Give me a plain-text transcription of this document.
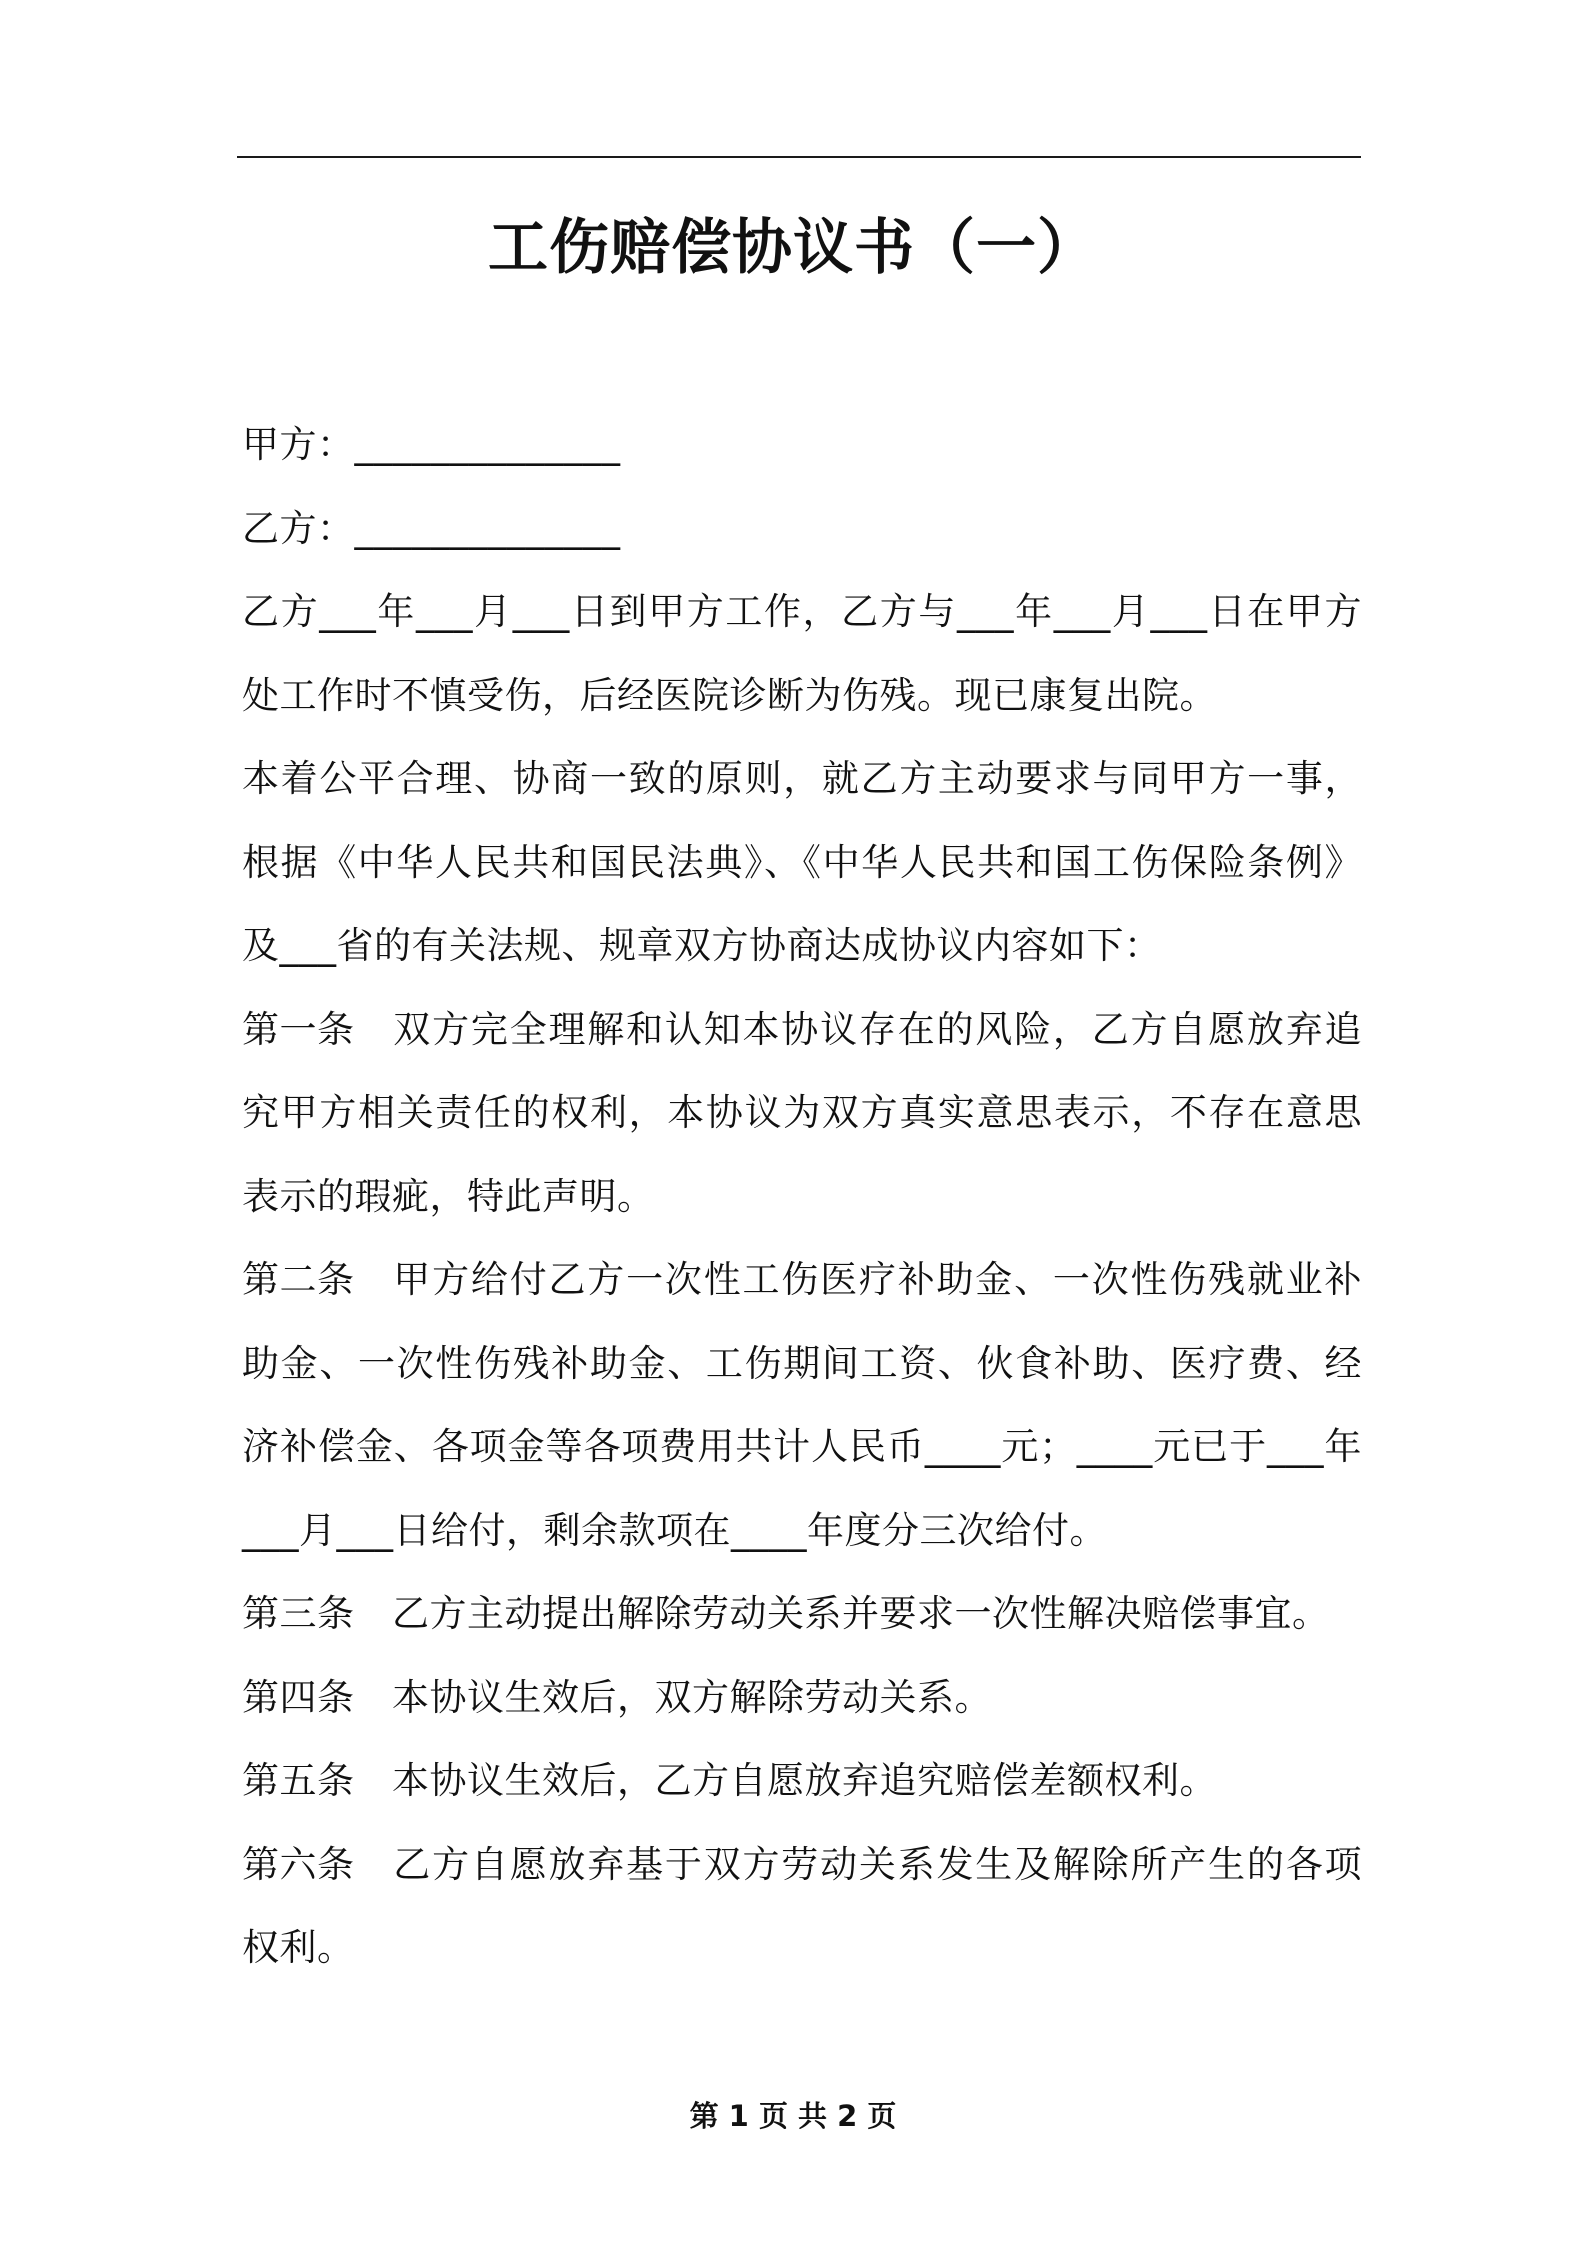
工伤赔偿协议书（一）

甲方：______________

乙方：______________

乙方___年___月___日到甲方工作，乙方与___年___月___日在甲方处工作时不慎受伤，后经医院诊断为伤残。现已康复出院。

本着公平合理、协商一致的原则，就乙方主动要求与同甲方一事，根据《中华人民共和国民法典》、《中华人民共和国工伤保险条例》及___省的有关法规、规章双方协商达成协议内容如下：

第一条 双方完全理解和认知本协议存在的风险，乙方自愿放弃追究甲方相关责任的权利，本协议为双方真实意思表示，不存在意思表示的瑕疵，特此声明。

第二条 甲方给付乙方一次性工伤医疗补助金、一次性伤残就业补助金、一次性伤残补助金、工伤期间工资、伙食补助、医疗费、经济补偿金、各项金等各项费用共计人民币____元；____元已于___年___月___日给付，剩余款项在____年度分三次给付。

第三条 乙方主动提出解除劳动关系并要求一次性解决赔偿事宜。

第四条 本协议生效后，双方解除劳动关系。

第五条 本协议生效后，乙方自愿放弃追究赔偿差额权利。

第六条 乙方自愿放弃基于双方劳动关系发生及解除所产生的各项权利。

第 1 页 共 2 页
